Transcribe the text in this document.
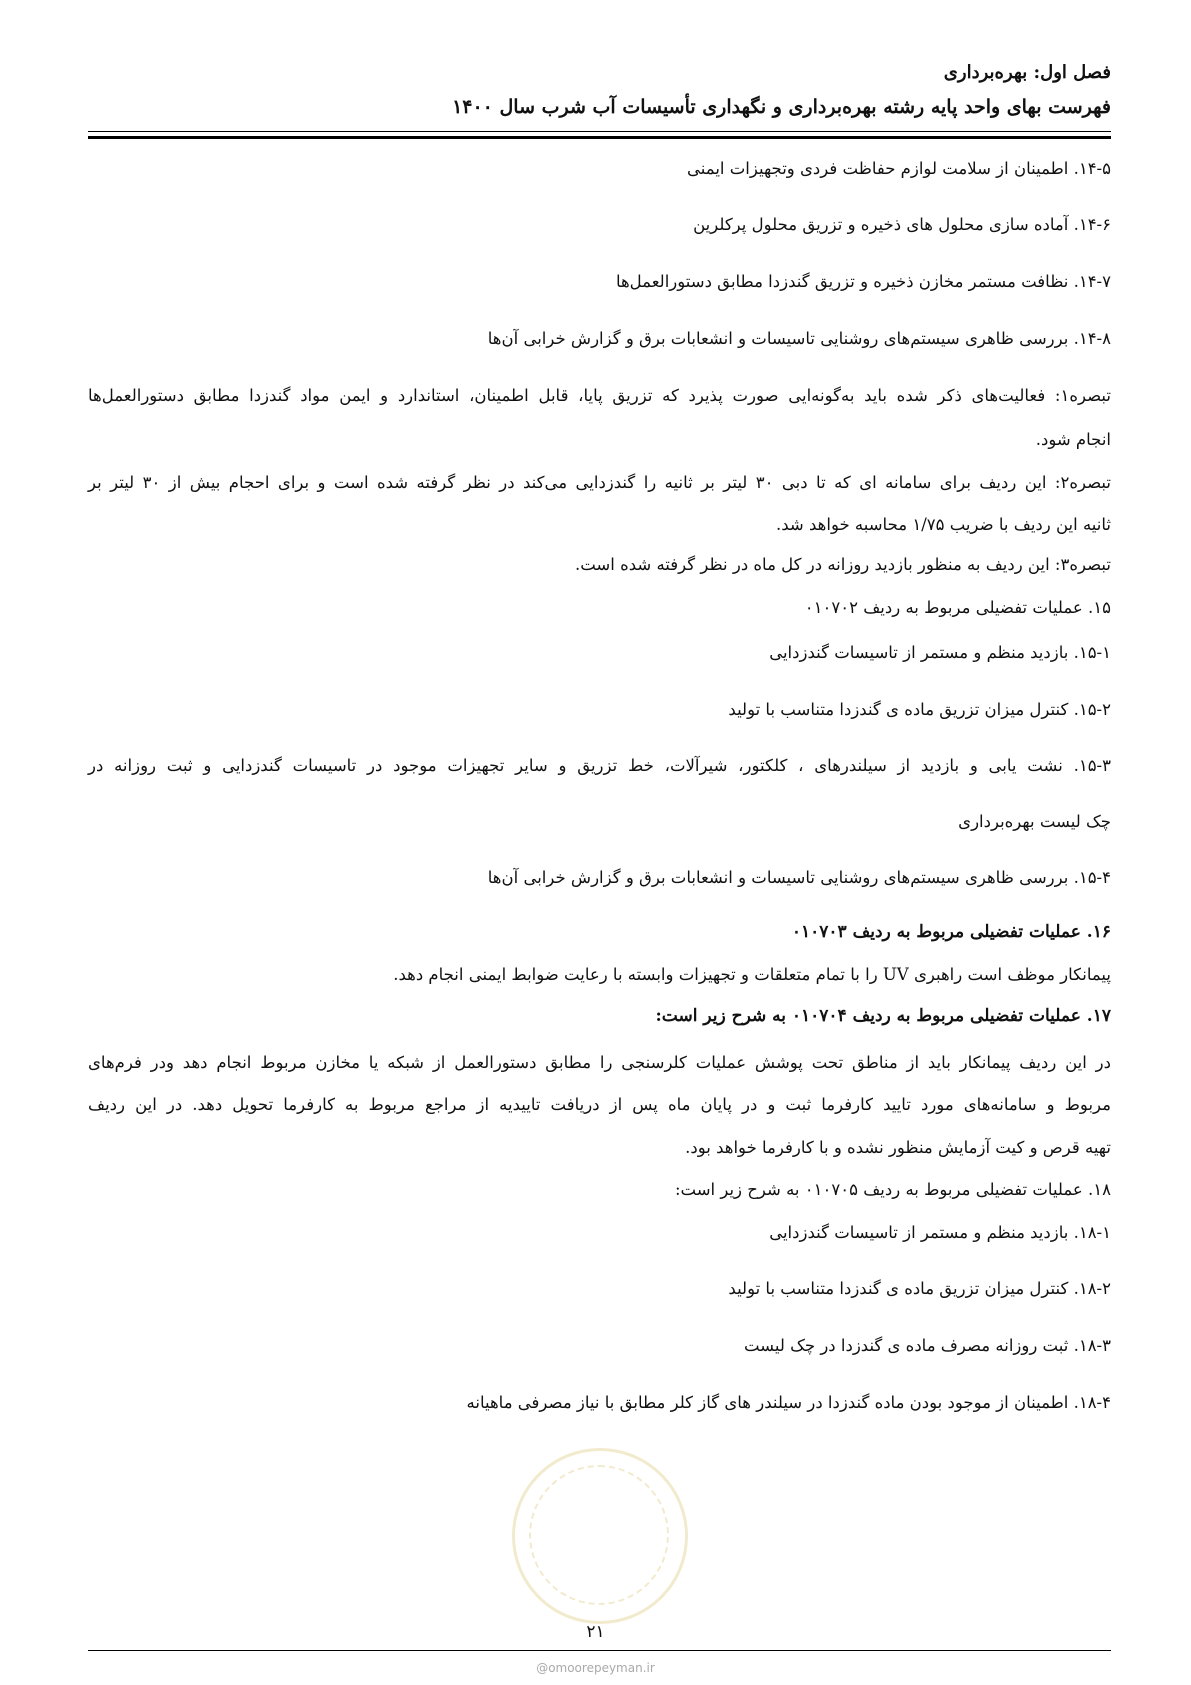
فصل اول: بهره‌برداری
فهرست بهای واحد پایه رشته بهره‌برداری و نگهداری تأسیسات آب شرب سال ۱۴۰۰
۱۴-۵. اطمینان از سلامت لوازم حفاظت فردی وتجهیزات ایمنی
۱۴-۶. آماده سازی محلول های ذخیره و تزریق محلول پرکلرین
۱۴-۷. نظافت مستمر مخازن ذخیره و تزریق گندزدا مطابق دستورالعمل‌ها
۱۴-۸. بررسی ظاهری سیستم‌های روشنایی تاسیسات و انشعابات برق و گزارش خرابی آن‌ها
تبصره۱: فعالیت‌های ذکر شده باید به‌گونه‌ایی صورت پذیرد که تزریق پایا، قابل اطمینان، استاندارد و ایمن مواد گندزدا مطابق دستورالعمل‌ها
انجام شود.
تبصره۲: این ردیف برای سامانه ای که تا دبی ۳۰ لیتر بر ثانیه را گندزدایی می‌کند در نظر گرفته شده است و برای احجام بیش از ۳۰ لیتر بر
ثانیه این ردیف با ضریب ۱/۷۵ محاسبه خواهد شد.
تبصره۳: این ردیف به منظور بازدید روزانه در کل ماه در نظر گرفته شده است.
۱۵. عملیات تفضیلی مربوط به ردیف ۰۱۰۷۰۲
۱۵-۱. بازدید منظم و مستمر از تاسیسات گندزدایی
۱۵-۲. کنترل میزان تزریق ماده ی گندزدا متناسب با تولید
۱۵-۳. نشت یابی و بازدید از سیلندرهای ، کلکتور، شیرآلات، خط تزریق و سایر تجهیزات موجود در تاسیسات گندزدایی و ثبت روزانه در
چک لیست بهره‌برداری
۱۵-۴. بررسی ظاهری سیستم‌های روشنایی تاسیسات و انشعابات برق و گزارش خرابی آن‌ها
۱۶. عملیات تفضیلی مربوط به ردیف ۰۱۰۷۰۳
پیمانکار موظف است راهبری UV را با تمام متعلقات و تجهیزات وابسته با رعایت ضوابط ایمنی انجام دهد.
۱۷. عملیات تفضیلی مربوط به ردیف ۰۱۰۷۰۴ به شرح زیر است:
در این ردیف پیمانکار باید از مناطق تحت پوشش عملیات کلرسنجی را مطابق دستورالعمل از شبکه یا مخازن مربوط انجام دهد ودر فرم‌های
مربوط و سامانه‌های مورد تایید کارفرما ثبت و در پایان ماه پس از دریافت تاییدیه از مراجع مربوط به کارفرما تحویل دهد. در این ردیف
تهیه قرص و کیت آزمایش منظور نشده و با کارفرما خواهد بود.
۱۸. عملیات تفضیلی مربوط به ردیف ۰۱۰۷۰۵ به شرح زیر است:
۱۸-۱. بازدید منظم و مستمر از تاسیسات گندزدایی
۱۸-۲. کنترل میزان تزریق ماده ی گندزدا متناسب با تولید
۱۸-۳. ثبت روزانه مصرف ماده ی گندزدا در چک لیست
۱۸-۴. اطمینان از موجود بودن ماده گندزدا در سیلندر های گاز کلر مطابق با نیاز مصرفی ماهیانه
۲۱
@omoorepeyman.ir
